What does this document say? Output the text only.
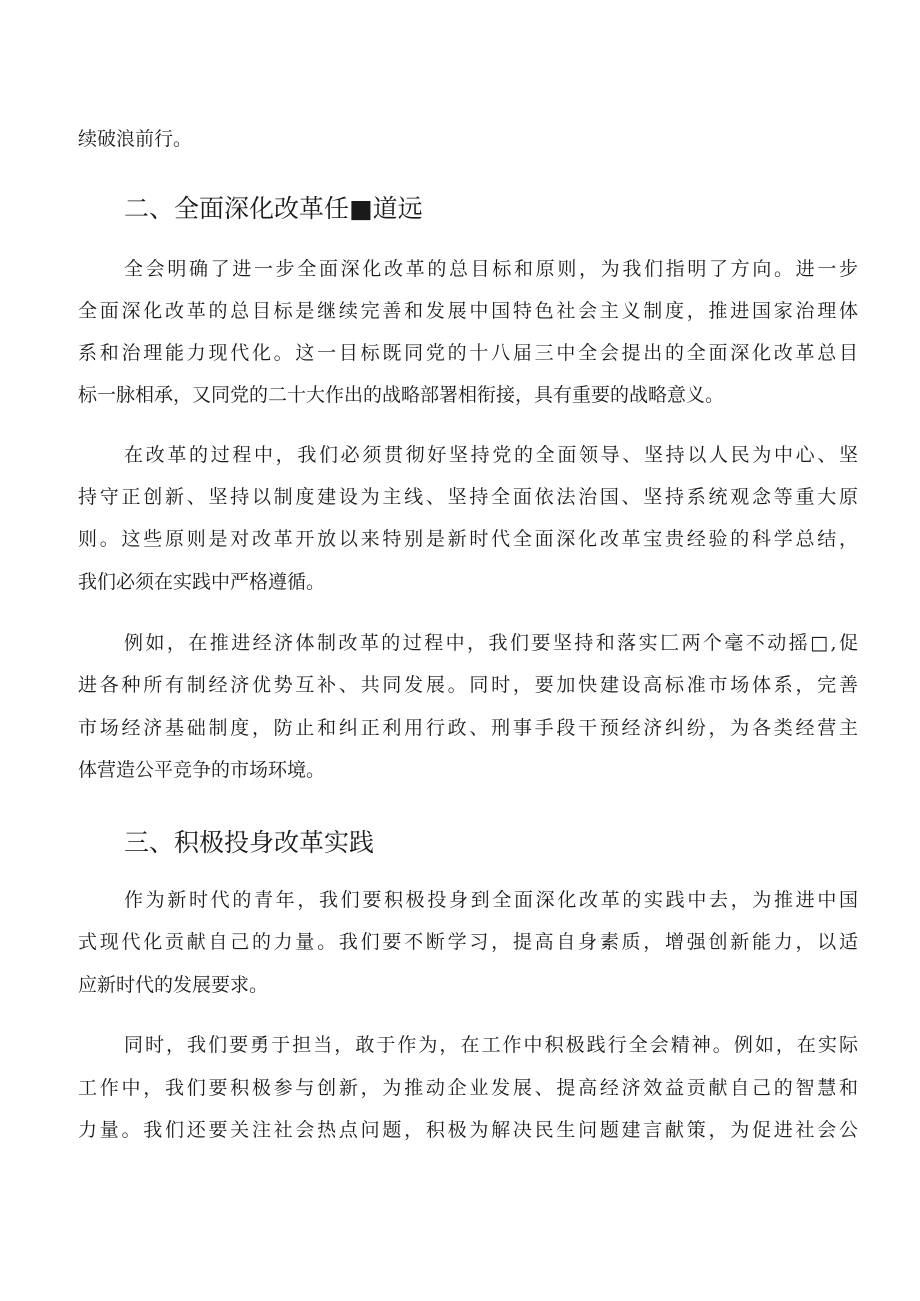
续破浪前行。
二、全面深化改革任■道远
全会明确了进一步全面深化改革的总目标和原则，为我们指明了方向。进一步
全面深化改革的总目标是继续完善和发展中国特色社会主义制度，推进国家治理体
系和治理能力现代化。这一目标既同党的十八届三中全会提出的全面深化改革总目
标一脉相承，又同党的二十大作出的战略部署相衔接，具有重要的战略意义。
在改革的过程中，我们必须贯彻好坚持党的全面领导、坚持以人民为中心、坚
持守正创新、坚持以制度建设为主线、坚持全面依法治国、坚持系统观念等重大原
则。这些原则是对改革开放以来特别是新时代全面深化改革宝贵经验的科学总结，
我们必须在实践中严格遵循。
例如，在推进经济体制改革的过程中，我们要坚持和落实匚两个毫不动摇□,促
进各种所有制经济优势互补、共同发展。同时，要加快建设高标准市场体系，完善
市场经济基础制度，防止和纠正利用行政、刑事手段干预经济纠纷，为各类经营主
体营造公平竞争的市场环境。
三、积极投身改革实践
作为新时代的青年，我们要积极投身到全面深化改革的实践中去，为推进中国
式现代化贡献自己的力量。我们要不断学习，提高自身素质，增强创新能力，以适
应新时代的发展要求。
同时，我们要勇于担当，敢于作为，在工作中积极践行全会精神。例如，在实际
工作中，我们要积极参与创新，为推动企业发展、提高经济效益贡献自己的智慧和
力量。我们还要关注社会热点问题，积极为解决民生问题建言献策，为促进社会公
